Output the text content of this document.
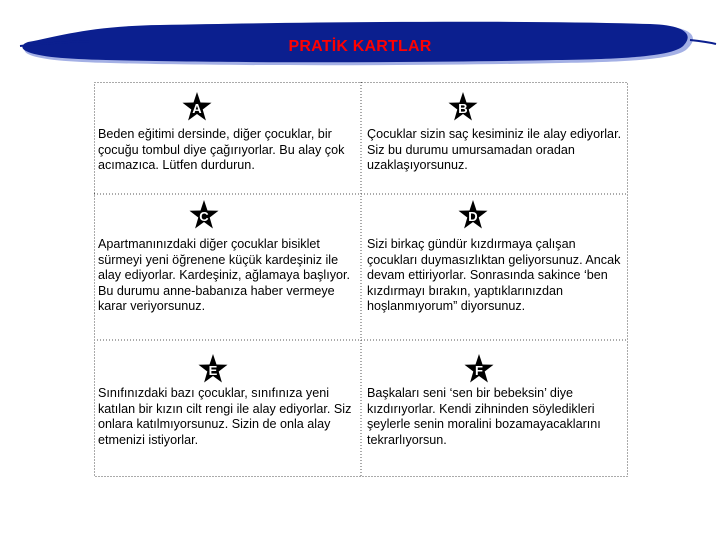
PRATİK KARTLAR
A
Beden eğitimi dersinde, diğer çocuklar, bir çocuğu tombul diye çağırıyorlar. Bu alay çok acımazıca. Lütfen durdurun.
B
Çocuklar sizin saç kesiminiz ile alay ediyorlar. Siz bu durumu umursamadan oradan uzaklaşıyorsunuz.
C
Apartmanınızdaki diğer çocuklar bisiklet sürmeyi yeni öğrenene küçük kardeşiniz ile alay ediyorlar. Kardeşiniz, ağlamaya başlıyor. Bu durumu anne-babanıza haber vermeye karar veriyorsunuz.
D
Sizi birkaç gündür kızdırmaya çalışan çocukları duymasızlıktan geliyorsunuz. Ancak devam ettiriyorlar. Sonrasında sakince ‘ben kızdırmayı bırakın, yaptıklarınızdan hoşlanmıyorum” diyorsunuz.
E
Sınıfınızdaki bazı çocuklar, sınıfınıza yeni katılan bir kızın cilt rengi ile alay ediyorlar. Siz onlara katılmıyorsunuz. Sizin de onla alay etmenizi istiyorlar.
F
Başkaları seni ‘sen bir bebeksin’ diye kızdırıyorlar. Kendi zihninden söyledikleri şeylerle senin moralini bozamayacaklarını tekrarlıyorsun.
